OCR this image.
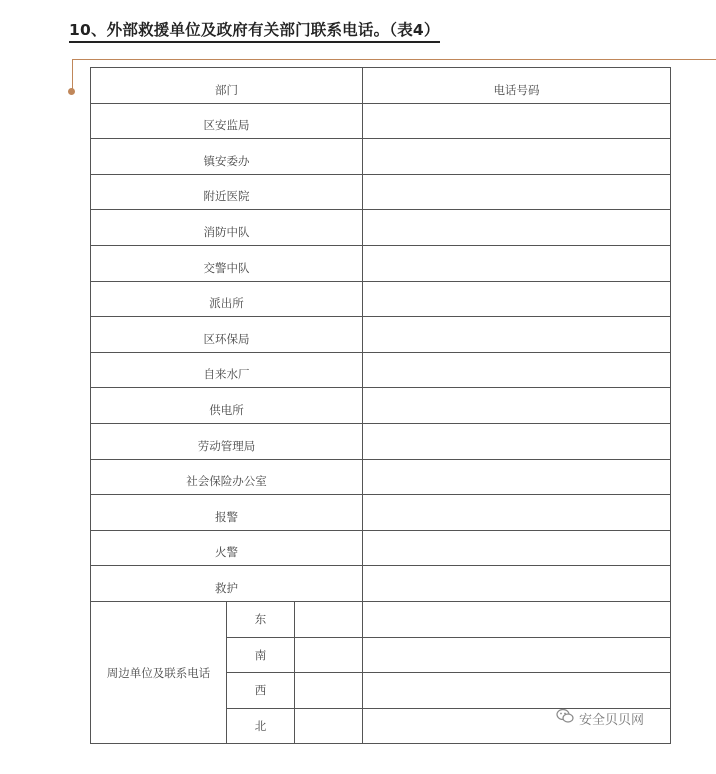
10、外部救援单位及政府有关部门联系电话。（表4）
部门			电话号码
区安监局			
镇安委办			
附近医院			
消防中队			
交警中队			
派出所			
区环保局			
自来水厂			
供电所			
劳动管理局			
社会保险办公室			
报警			
火警			
救护			
周边单位及联系电话	东		
	南		
	西		
	北			安全贝贝网
